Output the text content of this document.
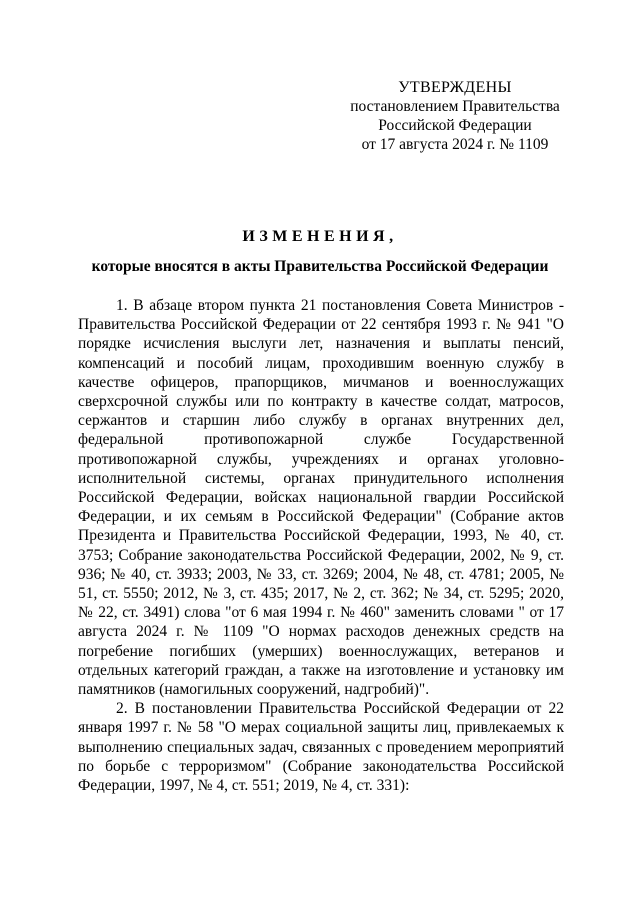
УТВЕРЖДЕНЫ
постановлением Правительства
Российской Федерации
от 17 августа 2024 г. № 1109
ИЗМЕНЕНИЯ,
которые вносятся в акты Правительства Российской Федерации

1. В абзаце втором пункта 21 постановления Совета Министров - Правительства Российской Федерации от 22 сентября 1993 г. № 941 "О порядке исчисления выслуги лет, назначения и выплаты пенсий, компенсаций и пособий лицам, проходившим военную службу в качестве офицеров, прапорщиков, мичманов и военнослужащих сверхсрочной службы или по контракту в качестве солдат, матросов, сержантов и старшин либо службу в органах внутренних дел, федеральной противопожарной службе Государственной противопожарной службы, учреждениях и органах уголовно-исполнительной системы, органах принудительного исполнения Российской Федерации, войсках национальной гвардии Российской Федерации, и их семьям в Российской Федерации" (Собрание актов Президента и Правительства Российской Федерации, 1993, № 40, ст. 3753; Собрание законодательства Российской Федерации, 2002, № 9, ст. 936; № 40, ст. 3933; 2003, № 33, ст. 3269; 2004, № 48, ст. 4781; 2005, № 51, ст. 5550; 2012, № 3, ст. 435; 2017, № 2, ст. 362; № 34, ст. 5295; 2020, № 22, ст. 3491) слова "от 6 мая 1994 г. № 460" заменить словами " от 17 августа 2024 г. № 1109 "О нормах расходов денежных средств на погребение погибших (умерших) военнослужащих, ветеранов и отдельных категорий граждан, а также на изготовление и установку им памятников (намогильных сооружений, надгробий)".

2. В постановлении Правительства Российской Федерации от 22 января 1997 г. № 58 "О мерах социальной защиты лиц, привлекаемых к выполнению специальных задач, связанных с проведением мероприятий по борьбе с терроризмом" (Собрание законодательства Российской Федерации, 1997, № 4, ст. 551; 2019, № 4, ст. 331):
